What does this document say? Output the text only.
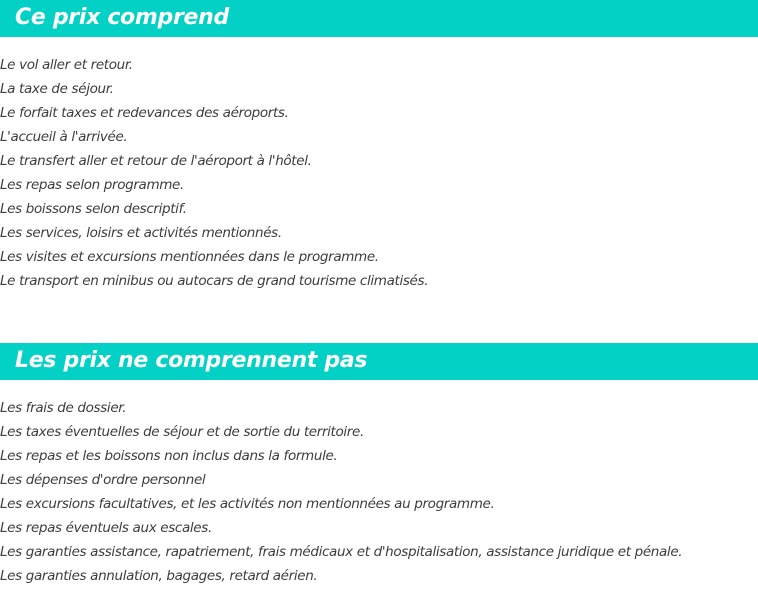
Ce prix comprend
Le vol aller et retour.
La taxe de séjour.
Le forfait taxes et redevances des aéroports.
L'accueil à l'arrivée.
Le transfert aller et retour de l'aéroport à l'hôtel.
Les repas selon programme.
Les boissons selon descriptif.
Les services, loisirs et activités mentionnés.
Les visites et excursions mentionnées dans le programme.
Le transport en minibus ou autocars de grand tourisme climatisés.
Les prix ne comprennent pas
Les frais de dossier.
Les taxes éventuelles de séjour et de sortie du territoire.
Les repas et les boissons non inclus dans la formule.
Les dépenses d'ordre personnel
Les excursions facultatives, et les activités non mentionnées au programme.
Les repas éventuels aux escales.
Les garanties assistance, rapatriement, frais médicaux et d'hospitalisation, assistance juridique et pénale.
Les garanties annulation, bagages, retard aérien.
